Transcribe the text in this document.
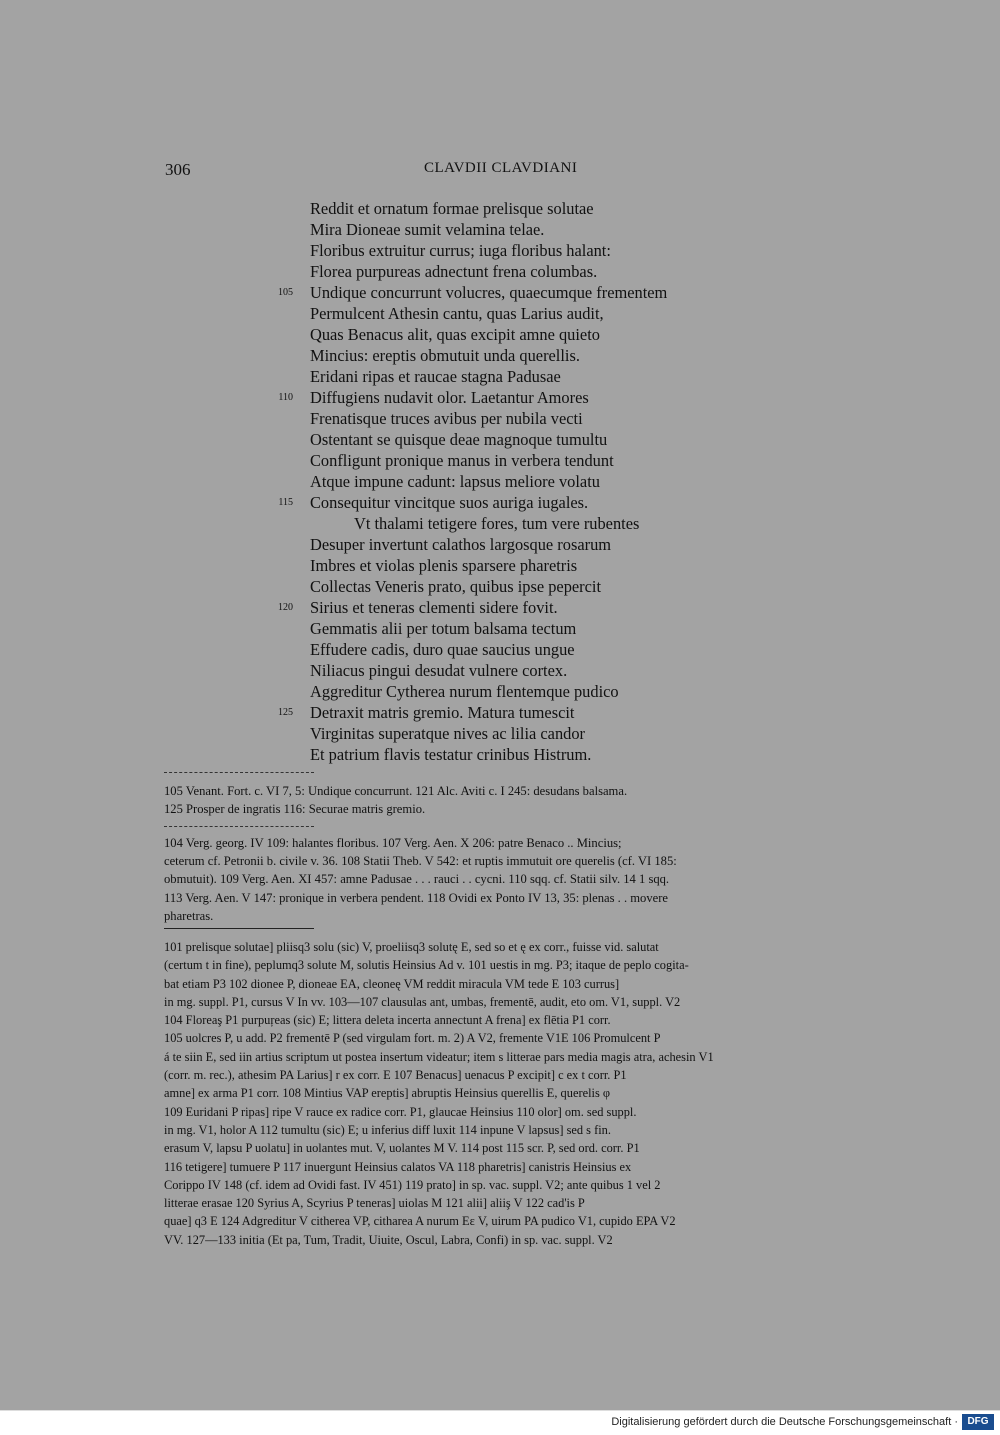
306	CLAVDII CLAVDIANI
Reddit et ornatum formae prelisque solutae
Mira Dioneae sumit velamina telae.
Floribus extruitur currus; iuga floribus halant:
Florea purpureas adnectunt frena columbas.
Undique concurrunt volucres, quaecumque frementem
Permulcent Athesin cantu, quas Larius audit,
Quas Benacus alit, quas excipit amne quieto
Mincius: ereptis obmutuit unda querellis.
Eridani ripas et raucae stagna Padusae
Diffugiens nudavit olor. Laetantur Amores
Frenatisque truces avibus per nubila vecti
Ostentant se quisque deae magnoque tumultu
Confligunt pronique manus in verbera tendunt
Atque impune cadunt: lapsus meliore volatu
Consequitur vincitque suos auriga iugales.
Vt thalami tetigere fores, tum vere rubentes
Desuper invertunt calathos largosque rosarum
Imbres et violas plenis sparsere pharetris
Collectas Veneris prato, quibus ipse pepercit
Sirius et teneras clementi sidere fovit.
Gemmatis alii per totum balsama tectum
Effudere cadis, duro quae saucius ungue
Niliacus pingui desudat vulnere cortex.
Aggreditur Cytherea nurum flentemque pudico
Detraxit matris gremio. Matura tumescit
Virginitas superatque nives ac lilia candor
Et patrium flavis testatur crinibus Histrum.
105
110
115
120
125
105 Venant. Fort. c. VI 7, 5: Undique concurrunt. 121 Alc. Aviti c. I 245: desudans balsama.
125 Prosper de ingratis 116: Securae matris gremio.
104 Verg. georg. IV 109: halantes floribus. 107 Verg. Aen. X 206: patre Benaco .. Mincius;
ceterum cf. Petronii b. civile v. 36. 108 Statii Theb. V 542: et ruptis immutuit ore querelis (cf. VI 185:
obmutuit). 109 Verg. Aen. XI 457: amne Padusae . . . rauci . . cycni. 110 sqq. cf. Statii silv. 14 1 sqq.
113 Verg. Aen. V 147: pronique in verbera pendent. 118 Ovidi ex Ponto IV 13, 35: plenas . . movere
pharetras.
101 prelisque solutae] pliisq3 solu (sic) V, proeliisq3 solutę E, sed so et ę ex corr., fuisse vid. salutat
(certum t in fine), peplumq3 solute M, solutis Heinsius Ad v. 101 uestis in mg. P3; itaque de peplo cogita-
bat etiam P3 102 dionee P, dioneae EA, cleoneę VM reddit miracula VM tede E 103 currus]
in mg. suppl. P1, cursus V In vv. 103—107 clausulas ant, umbas, frementē, audit, eto om. V1, suppl. V2
104 Floreaş P1 purpuŗeas (sic) E; littera deleta incerta annectunt A frena] ex flētia P1 corr.
105 uolcres P, u add. P2 frementē P (sed virgulam fort. m. 2) A V2, fremente V1E 106 Promulcent P
á te siin E, sed iin artius scriptum ut postea insertum videatur; item s litterae pars media magis atra, achesin V1
(corr. m. rec.), athesim PA Larius] r ex corr. E 107 Benacus] uenacus P excipit] c ex t corr. P1
amne] ex arma P1 corr. 108 Mintius VAP ereptis] abruptis Heinsius querellis E, querelis φ
109 Euridani P ripas] ripe V rauce ex radice corr. P1, glaucae Heinsius 110 olor] om. sed suppl.
in mg. V1, holor A 112 tumultu (sic) E; u inferius diff luxit 114 inpune V lapsus] sed s fin.
erasum V, lapsu P uolatu] in uolantes mut. V, uolantes M V. 114 post 115 scr. P, sed ord. corr. P1
116 tetigere] tumuere P 117 inuergunt Heinsius calatos VA 118 pharetris] canistris Heinsius ex
Corippo IV 148 (cf. idem ad Ovidi fast. IV 451) 119 prato] in sp. vac. suppl. V2; ante quibus 1 vel 2
litterae erasae 120 Syrius A, Scyrius P teneras] uiolas M 121 alii] aliiş V 122 cad'is P
quae] q3 E 124 Adgreditur V citherea VP, citharea A nurum Eε V, uirum PA pudico V1, cupido EPA V2
VV. 127—133 initia (Et pa, Tum, Tradit, Uiuite, Oscul, Labra, Confi) in sp. vac. suppl. V2
Digitalisierung gefördert durch die Deutsche Forschungsgemeinschaft · DFG
